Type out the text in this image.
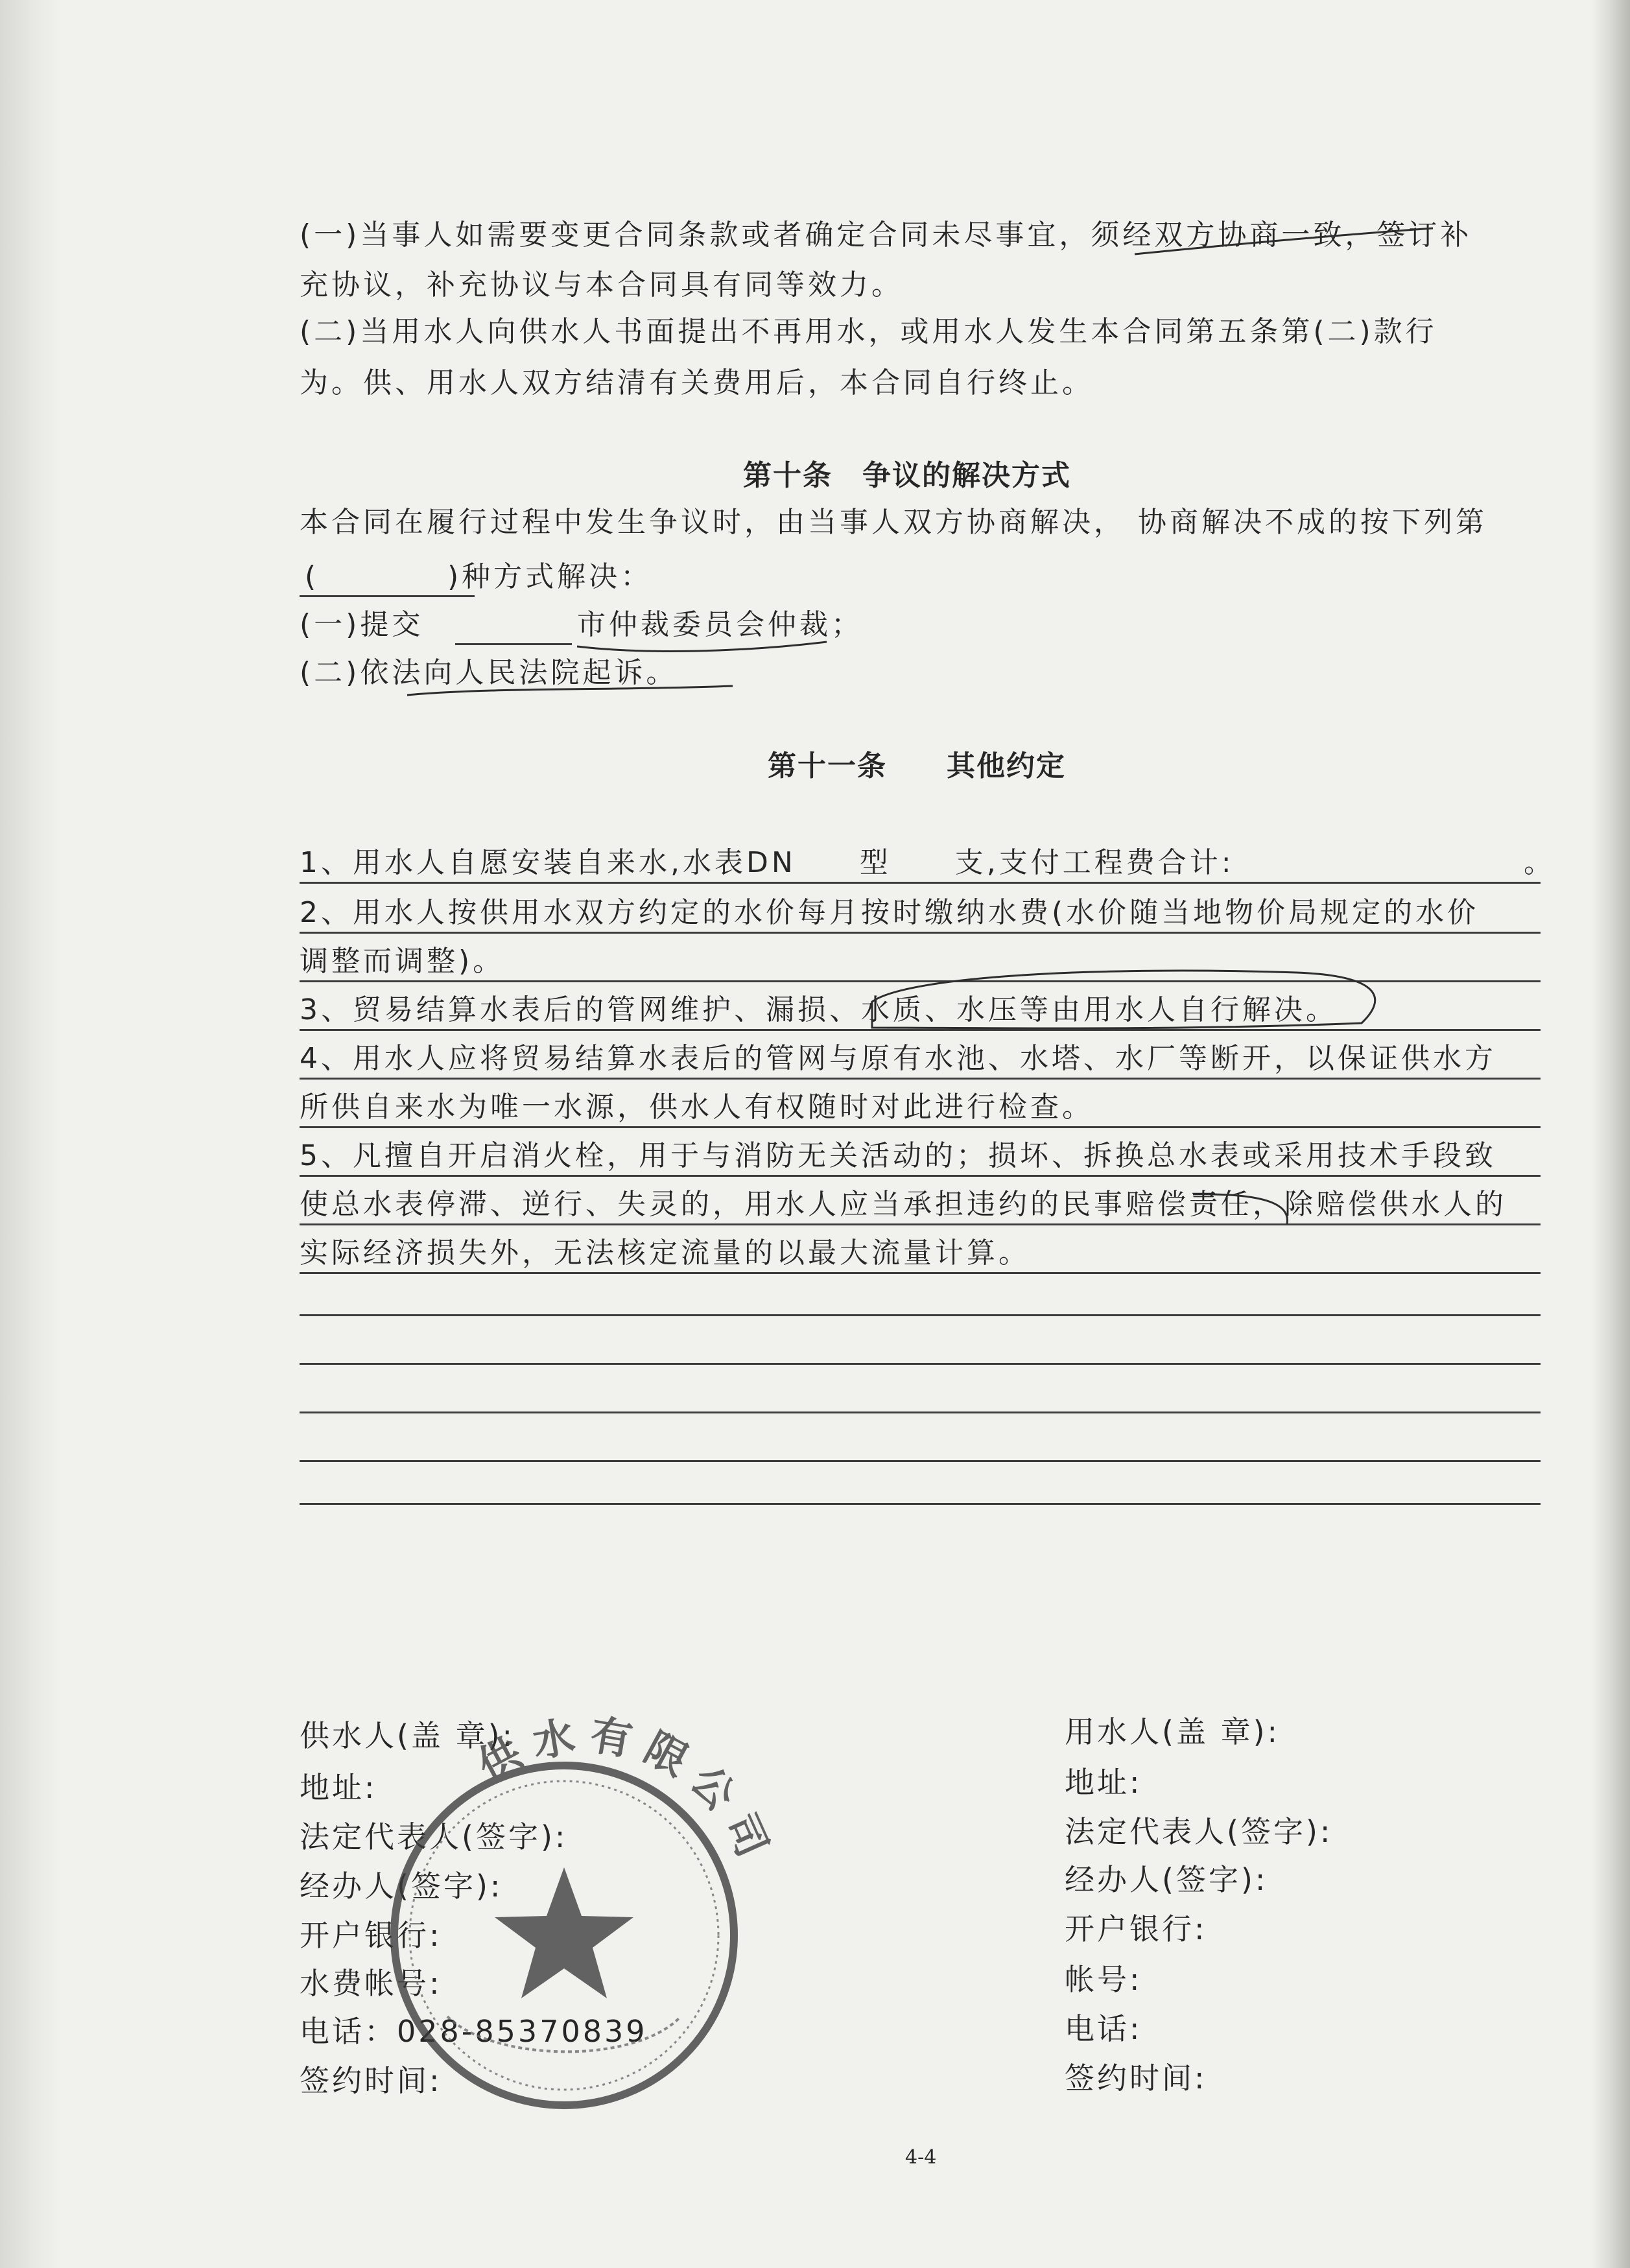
(一)当事人如需要变更合同条款或者确定合同未尽事宜，须经双方协商一致，签订补
充协议，补充协议与本合同具有同等效力。
(二)当用水人向供水人书面提出不再用水，或用水人发生本合同第五条第(二)款行
为。供、用水人双方结清有关费用后，本合同自行终止。
第十条　争议的解决方式
本合同在履行过程中发生争议时，由当事人双方协商解决， 协商解决不成的按下列第
(	)种方式解决：
(一)提交	市仲裁委员会仲裁；
(二)依法向人民法院起诉。
第十一条　　其他约定
1、用水人自愿安装自来水,水表DN　　型　　支,支付工程费合计:	。
2、用水人按供用水双方约定的水价每月按时缴纳水费(水价随当地物价局规定的水价
调整而调整)。
3、贸易结算水表后的管网维护、漏损、水质、水压等由用水人自行解决。
4、用水人应将贸易结算水表后的管网与原有水池、水塔、水厂等断开，以保证供水方
所供自来水为唯一水源，供水人有权随时对此进行检查。
5、凡擅自开启消火栓，用于与消防无关活动的；损坏、拆换总水表或采用技术手段致
使总水表停滞、逆行、失灵的，用水人应当承担违约的民事赔偿责任，除赔偿供水人的
实际经济损失外，无法核定流量的以最大流量计算。
供水人(盖 章):
地址:
法定代表人(签字):
经办人(签字):
开户银行:
水费帐号:
电话：028-85370839
签约时间:
用水人(盖 章):
地址:
法定代表人(签字):
经办人(签字):
开户银行:
帐号:
电话:
签约时间:
供水有限公司
4-4
